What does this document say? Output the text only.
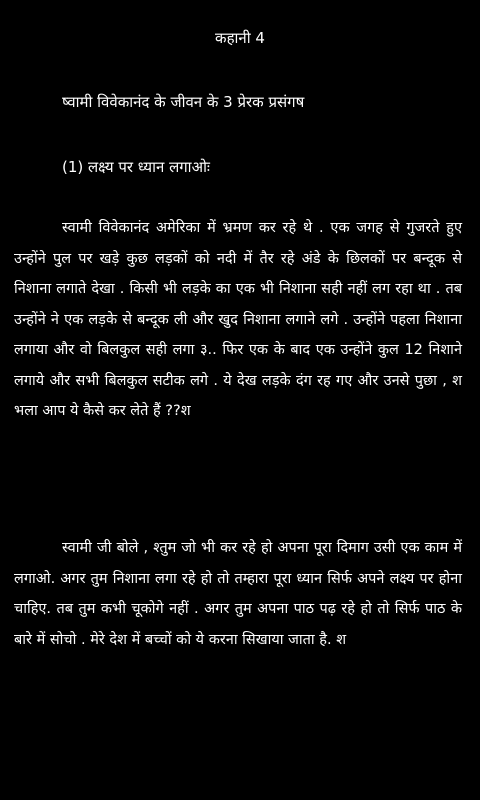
कहानी 4
ष्वामी विवेकानंद के जीवन के 3 प्रेरक प्रसंगष
(1) लक्ष्य पर ध्यान लगाओः

स्वामी विवेकानंद अमेरिका में भ्रमण कर रहे थे . एक जगह से गुजरते हुए उन्होंने पुल पर खड़े कुछ लड़कों को नदी में तैर रहे अंडे के छिलकों पर बन्दूक से निशाना लगाते देखा . किसी भी लड़के का एक भी निशाना सही नहीं लग रहा था . तब उन्होंने ने एक लड़के से बन्दूक ली और खुद निशाना लगाने लगे . उन्होंने पहला निशाना लगाया और वो बिलकुल सही लगा ३.. फिर एक के बाद एक उन्होंने कुल 12 निशाने लगाये और सभी बिलकुल सटीक लगे . ये देख लड़के दंग रह गए और उनसे पुछा , श भला आप ये कैसे कर लेते हैं ??श

स्वामी जी बोले , श्तुम जो भी कर रहे हो अपना पूरा दिमाग उसी एक काम में लगाओ. अगर तुम निशाना लगा रहे हो तो तम्हारा पूरा ध्यान सिर्फ अपने लक्ष्य पर होना चाहिए. तब तुम कभी चूकोगे नहीं . अगर तुम अपना पाठ पढ़ रहे हो तो सिर्फ पाठ के बारे में सोचो . मेरे देश में बच्चों को ये करना सिखाया जाता है. श
